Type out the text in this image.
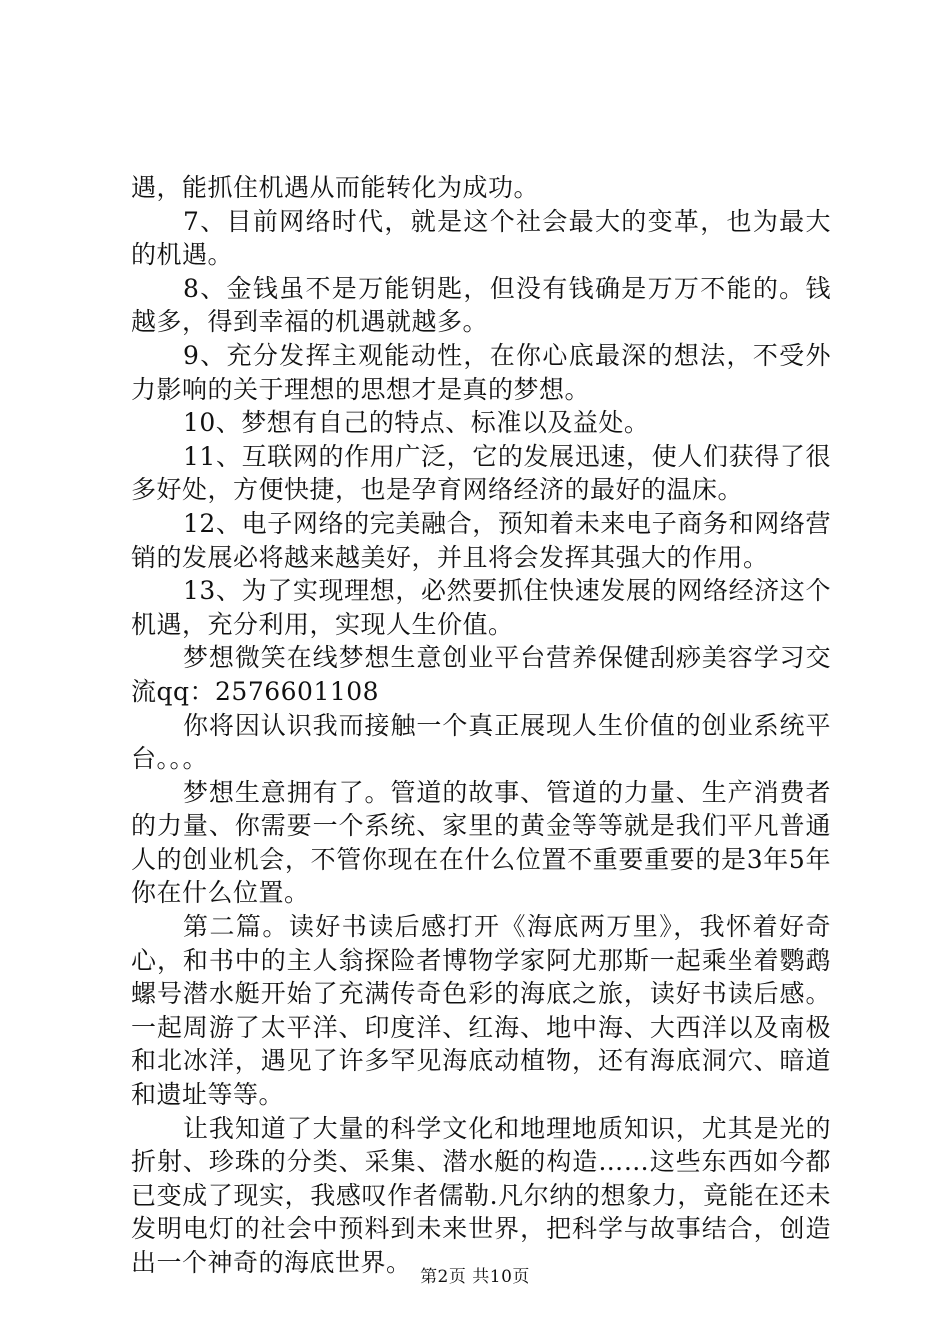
遇，能抓住机遇从而能转化为成功。

7、目前网络时代，就是这个社会最大的变革，也为最大的机遇。

8、金钱虽不是万能钥匙，但没有钱确是万万不能的。钱越多，得到幸福的机遇就越多。

9、充分发挥主观能动性，在你心底最深的想法，不受外力影响的关于理想的思想才是真的梦想。

10、梦想有自己的特点、标准以及益处。

11、互联网的作用广泛，它的发展迅速，使人们获得了很多好处，方便快捷，也是孕育网络经济的最好的温床。

12、电子网络的完美融合，预知着未来电子商务和网络营销的发展必将越来越美好，并且将会发挥其强大的作用。

13、为了实现理想，必然要抓住快速发展的网络经济这个机遇，充分利用，实现人生价值。

梦想微笑在线梦想生意创业平台营养保健刮痧美容学习交流qq：2576601108

你将因认识我而接触一个真正展现人生价值的创业系统平台。。。

梦想生意拥有了。管道的故事、管道的力量、生产消费者的力量、你需要一个系统、家里的黄金等等就是我们平凡普通人的创业机会，不管你现在在什么位置不重要重要的是3年5年你在什么位置。

第二篇。读好书读后感打开《海底两万里》，我怀着好奇心，和书中的主人翁探险者博物学家阿尤那斯一起乘坐着鹦鹉螺号潜水艇开始了充满传奇色彩的海底之旅，读好书读后感。一起周游了太平洋、印度洋、红海、地中海、大西洋以及南极和北冰洋，遇见了许多罕见海底动植物，还有海底洞穴、暗道和遗址等等。

让我知道了大量的科学文化和地理地质知识，尤其是光的折射、珍珠的分类、采集、潜水艇的构造……这些东西如今都已变成了现实，我感叹作者儒勒.凡尔纳的想象力，竟能在还未发明电灯的社会中预料到未来世界，把科学与故事结合，创造出一个神奇的海底世界。 第2页 共10页
